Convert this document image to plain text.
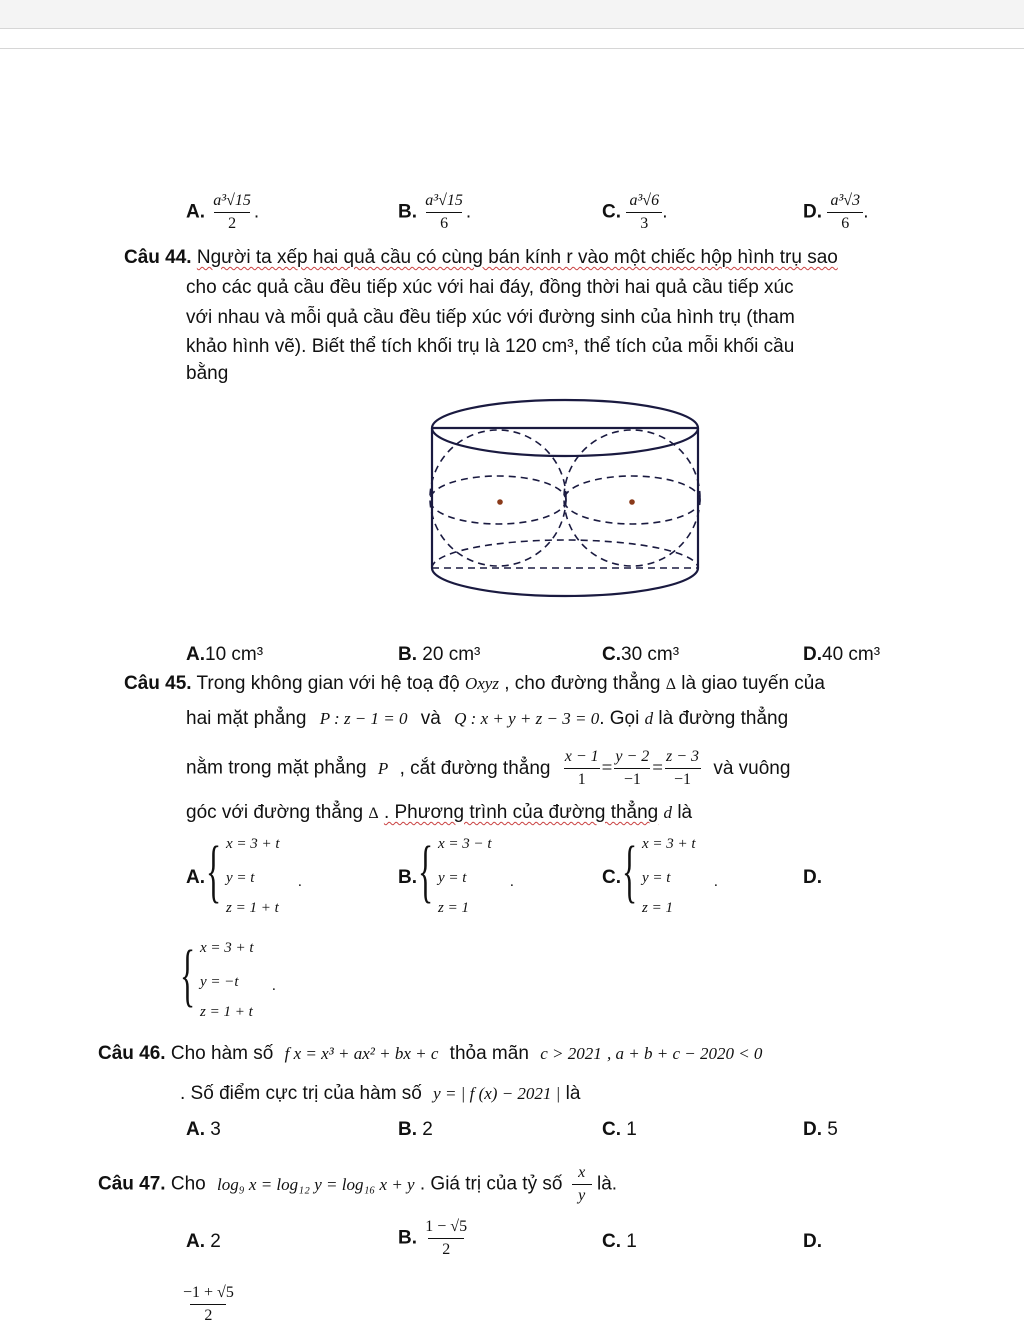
A. $\frac{\text{a³√15}}{2}$ .	B. $\frac{\text{a³√15}}{6}$ .	C. $\frac{\text{a³√6}}{3}$ .	D. $\frac{\text{a³√3}}{6}$ .
Câu 44. Người ta xếp hai quả cầu có cùng bán kính r vào một chiếc hộp hình trụ sao
cho các quả cầu đều tiếp xúc với hai đáy, đồng thời hai quả cầu tiếp xúc
với nhau và mỗi quả cầu đều tiếp xúc với đường sinh của hình trụ (tham
khảo hình vẽ). Biết thể tích khối trụ là 120 cm³, thể tích của mỗi khối cầu
bằng
A.10 cm³	B. 20 cm³	C.30 cm³	D.40 cm³
Câu 45. Trong không gian với hệ toạ độ Oxyz , cho đường thẳng Δ là giao tuyến của
hai mặt phẳng P : z − 1 = 0 và Q : x + y + z − 3 = 0. Gọi d là đường thẳng
nằm trong mặt phẳng P , cắt đường thẳng $\frac{x - 1}{1} = \frac{y - 2}{-1} = \frac{z - 3}{-1}$ và vuông
góc với đường thẳng Δ . Phương trình của đường thẳng d là
A. { x = 3 + t
y = t
z = 1 + t
.	B. { x = 3 − t
y = t
z = 1
.	C. { x = 3 + t
y = t
z = 1
.	D.
{ x = 3 + t
y = −t
z = 1 + t
.
Câu 46. Cho hàm số f x = x³ + ax² + bx + c thỏa mãn c > 2021 , a + b + c − 2020 < 0
. Số điểm cực trị của hàm số y = | f (x) − 2021 | là
A. 3	B. 2	C. 1	D. 5
Câu 47. Cho log₉ x = log₁₂ y = log₁₆ x + y . Giá trị của tỷ số $\frac{x}{y}$ là.
A. 2	B. $\frac{1 - √5}{2}$	C. 1	D.
$\frac{-1 + √5}{2}$
